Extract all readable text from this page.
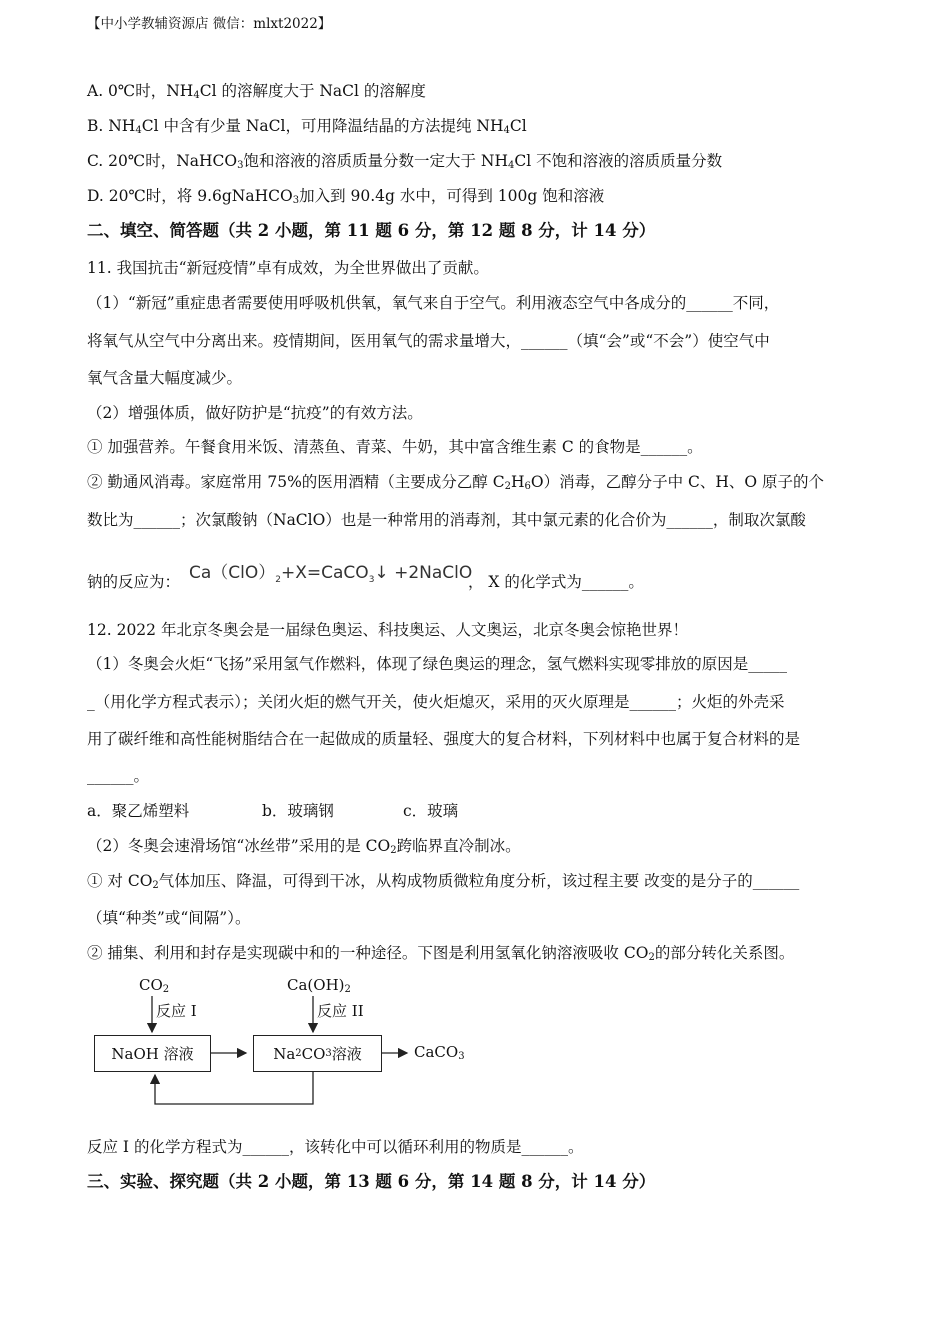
【中小学教辅资源店 微信：mlxt2022】
A. 0℃时，$NH_4Cl$ 的溶解度大于 NaCl 的溶解度
B. $NH_4Cl$ 中含有少量 NaCl，可用降温结晶的方法提纯 $NH_4Cl$
C. 20℃时，NaHCO$_3$饱和溶液的溶质质量分数一定大于 $NH_4Cl$ 不饱和溶液的溶质质量分数
D. 20℃时，将 9.6gNaHCO$_3$加入到 90.4g 水中，可得到 100g 饱和溶液
二、填空、简答题（共 2 小题，第 11 题 6 分，第 12 题 8 分，计 14 分）
11. 我国抗击“新冠疫情”卓有成效，为全世界做出了贡献。
（1）“新冠”重症患者需要使用呼吸机供氧，氧气来自于空气。利用液态空气中各成分的______不同，
将氧气从空气中分离出来。疫情期间，医用氧气的需求量增大，______（填“会”或“不会”）使空气中
氧气含量大幅度减少。
（2）增强体质，做好防护是“抗疫”的有效方法。
① 加强营养。午餐食用米饭、清蒸鱼、青菜、牛奶，其中富含维生素 C 的食物是______。
② 勤通风消毒。家庭常用 75%的医用酒精（主要成分乙醇 $C_2H_6O$）消毒，乙醇分子中 C、H、O 原子的个
数比为______；次氯酸钠（NaClO）也是一种常用的消毒剂，其中氯元素的化合价为______，制取次氯酸
钠的反应为： $Ca(ClO)_2+X=CaCO_3↓$ +2NaClO
， X 的化学式为______。
12. 2022 年北京冬奥会是一届绿色奥运、科技奥运、人文奥运，北京冬奥会惊艳世界！
（1）冬奥会火炬“飞扬”采用氢气作燃料，体现了绿色奥运的理念，氢气燃料实现零排放的原因是_____
_（用化学方程式表示）；关闭火炬的燃气开关，使火炬熄灭，采用的灭火原理是______；火炬的外壳采
用了碳纤维和高性能树脂结合在一起做成的质量轻、强度大的复合材料，下列材料中也属于复合材料的是
______。
a．聚乙烯塑料	b．玻璃钢	c．玻璃
（2）冬奥会速滑场馆“冰丝带”采用的是 $CO_2$跨临界直冷制冰。
① 对 $CO_2$气体加压、降温，可得到干冰，从构成物质微粒角度分析，该过程主要 改变的是分子的______
（填“种类”或“间隔”）。
② 捕集、利用和封存是实现碳中和的一种途径。下图是利用氢氧化钠溶液吸收 $CO_2$的部分转化关系图。
$CO_2$	$Ca(OH)_2$
反应 I	反应 II
NaOH 溶液	Na 2 CO 3 溶液	CaCO$_3$
反应 I 的化学方程式为______，该转化中可以循环利用的物质是______。
三、实验、探究题（共 2 小题，第 13 题 6 分，第 14 题 8 分，计 14 分）
